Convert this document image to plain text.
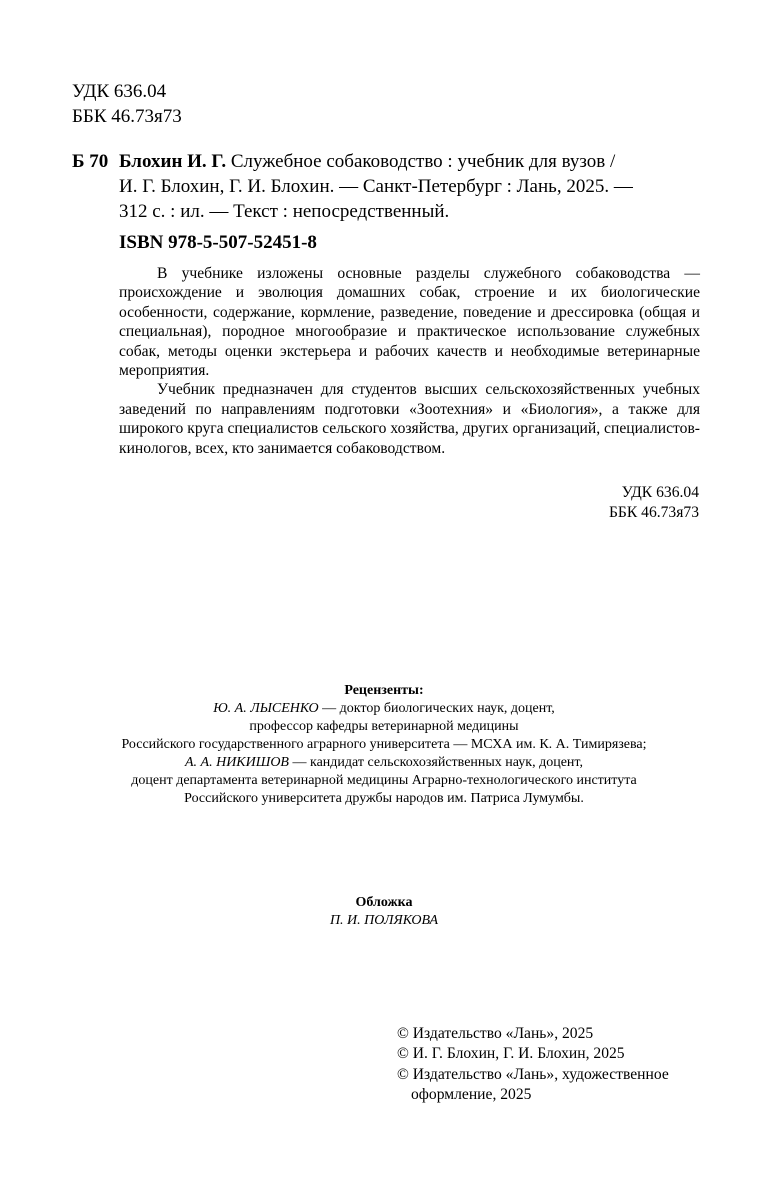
УДК 636.04
ББК 46.73я73
Б 70 Блохин И. Г. Служебное собаководство : учебник для вузов /
И. Г. Блохин, Г. И. Блохин. — Санкт-Петербург : Лань, 2025. —
312 с. : ил. — Текст : непосредственный.
ISBN 978-5-507-52451-8

В учебнике изложены основные разделы служебного собаководства — происхождение и эволюция домашних собак, строение и их биологические особенности, содержание, кормление, разведение, поведение и дрессировка (общая и специальная), породное многообразие и практическое использование служебных собак, методы оценки экстерьера и рабочих качеств и необходимые ветеринарные мероприятия.

Учебник предназначен для студентов высших сельскохозяйственных учебных заведений по направлениям подготовки «Зоотехния» и «Биология», а также для широкого круга специалистов сельского хозяйства, других организаций, специалистов-кинологов, всех, кто занимается собаководством.

УДК 636.04
ББК 46.73я73
Рецензенты:
Ю. А. ЛЫСЕНКО — доктор биологических наук, доцент,
профессор кафедры ветеринарной медицины
Российского государственного аграрного университета — МСХА им. К. А. Тимирязева;
А. А. НИКИШОВ — кандидат сельскохозяйственных наук, доцент,
доцент департамента ветеринарной медицины Аграрно-технологического института
Российского университета дружбы народов им. Патриса Лумумбы.
Обложка
П. И. ПОЛЯКОВА
© Издательство «Лань», 2025
© И. Г. Блохин, Г. И. Блохин, 2025
© Издательство «Лань», художественное
оформление, 2025
